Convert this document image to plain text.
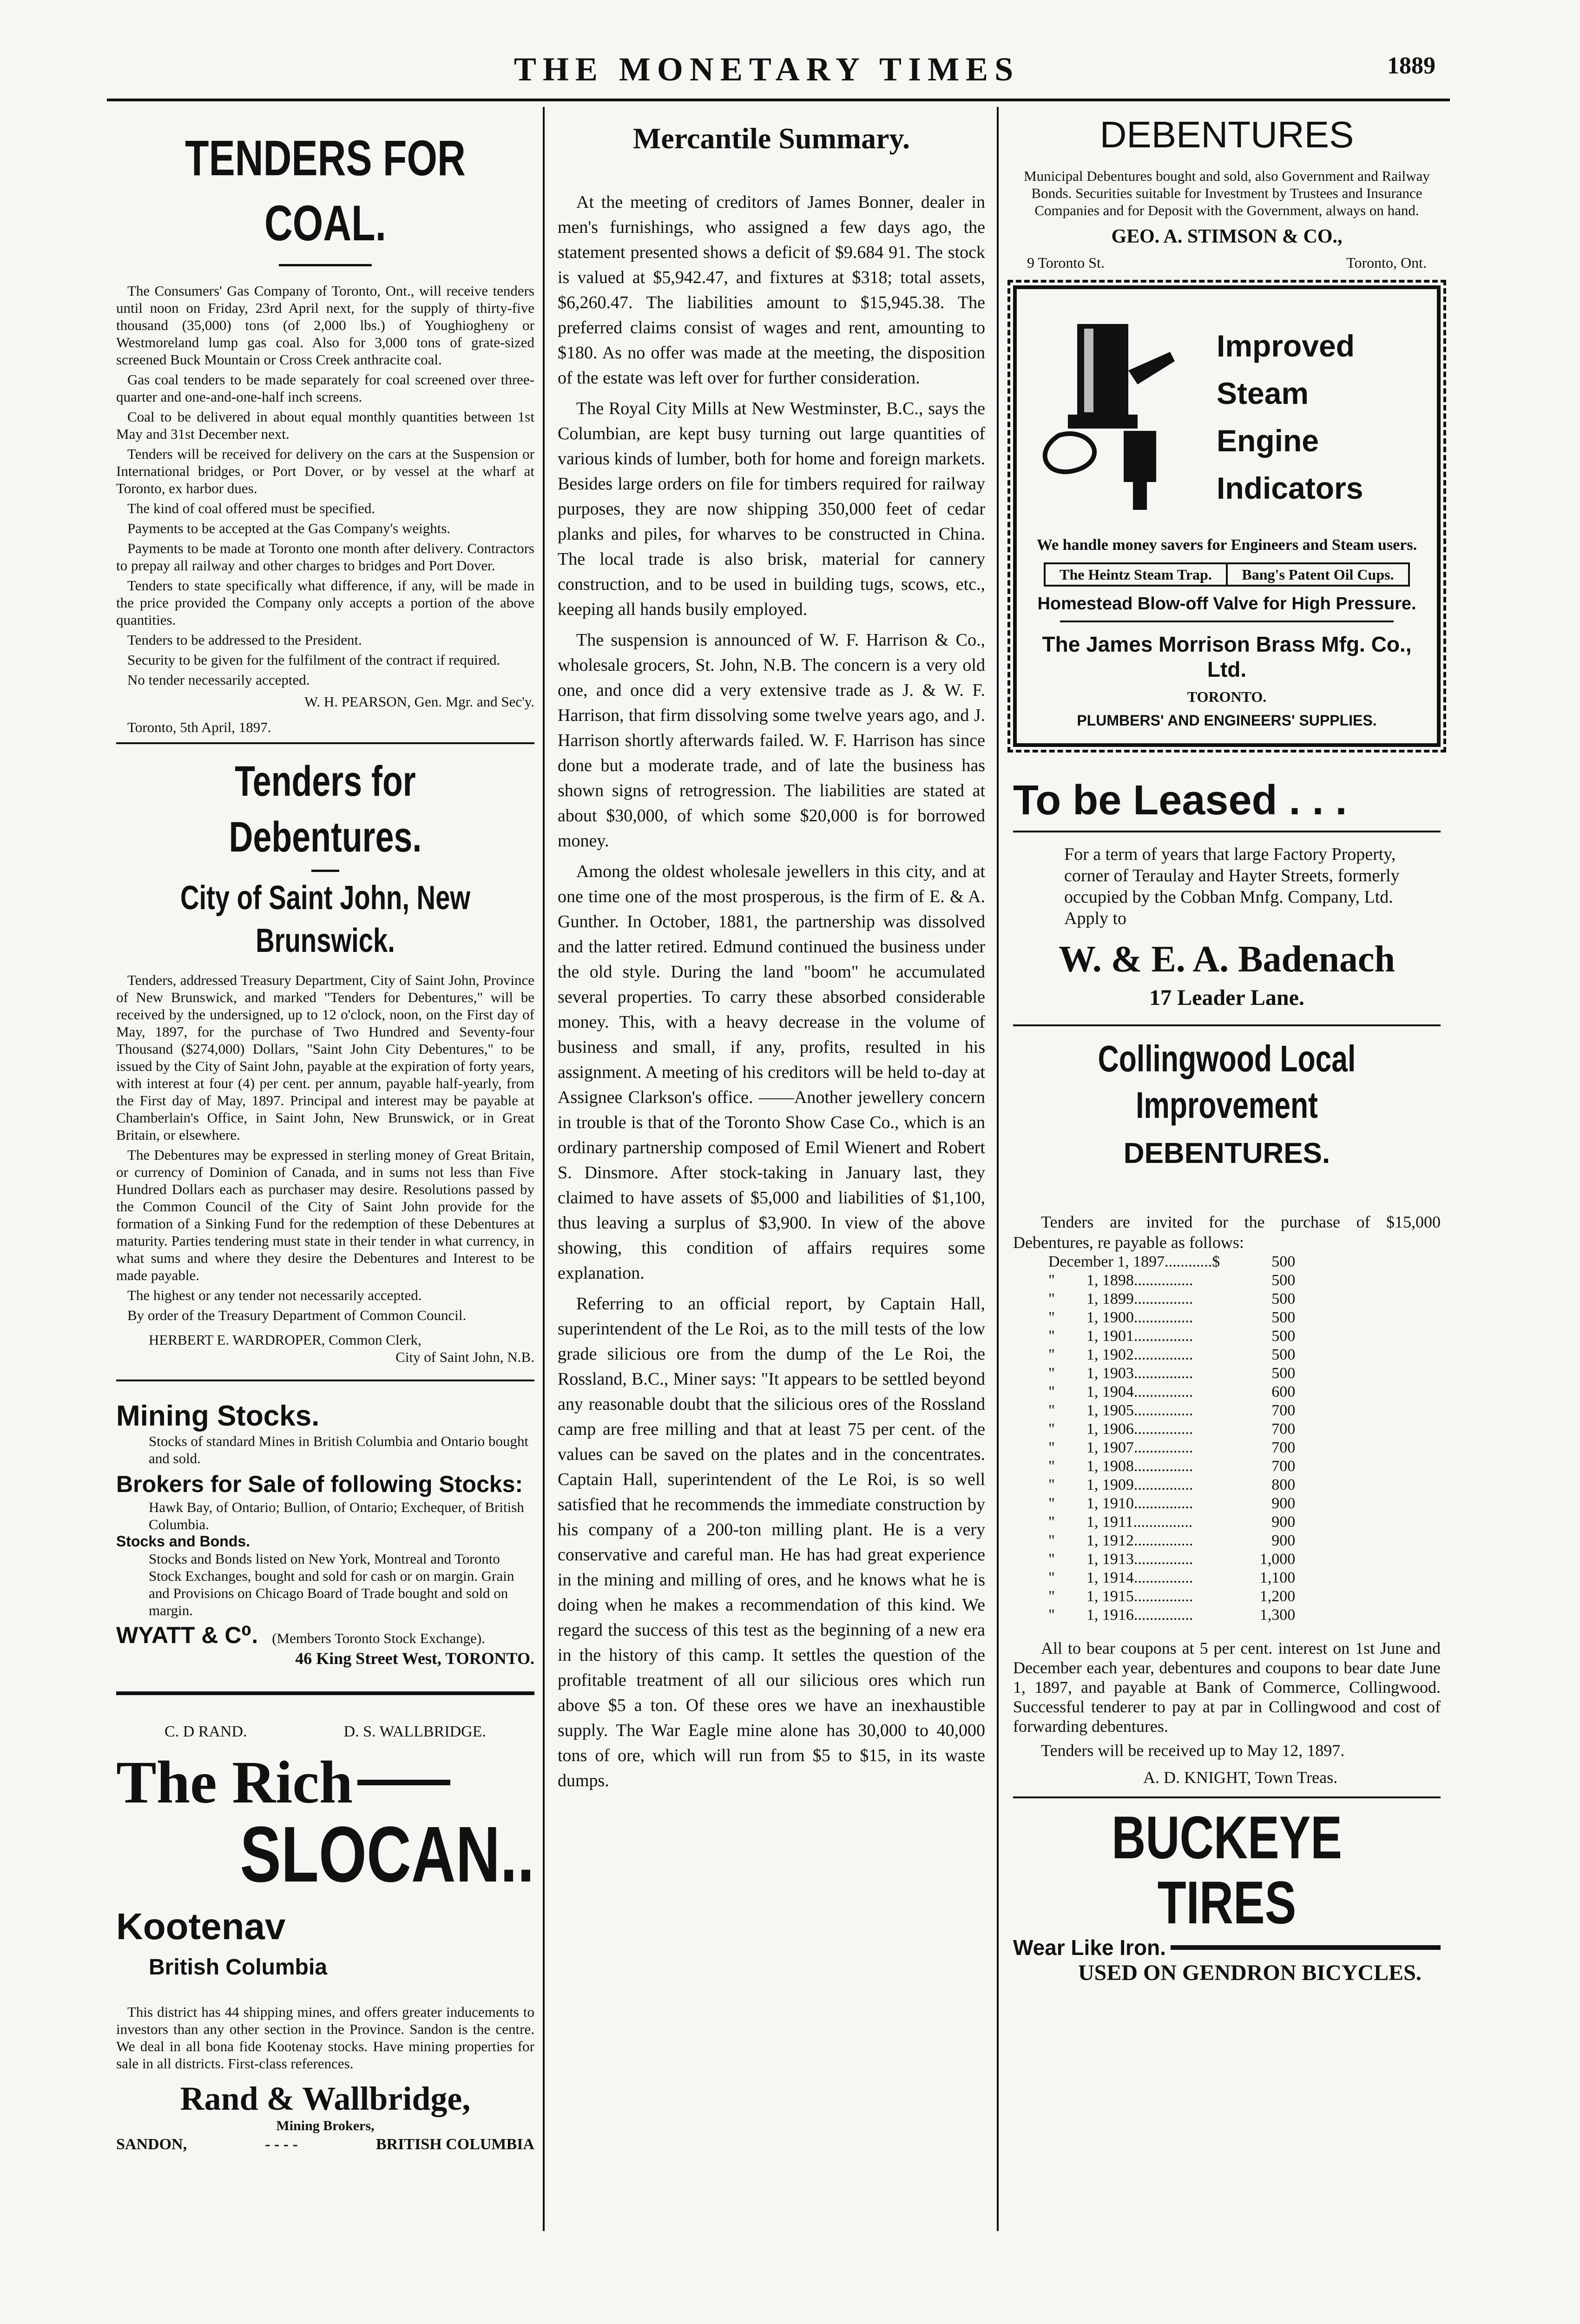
THE MONETARY TIMES	1889
TENDERS FOR COAL.

The Consumers' Gas Company of Toronto, Ont., will receive tenders until noon on Friday, 23rd April next, for the supply of thirty-five thousand (35,000) tons (of 2,000 lbs.) of Youghiogheny or Westmoreland lump gas coal. Also for 3,000 tons of grate-sized screened Buck Mountain or Cross Creek anthracite coal.

Gas coal tenders to be made separately for coal screened over three-quarter and one-and-one-half inch screens.

Coal to be delivered in about equal monthly quantities between 1st May and 31st December next.

Tenders will be received for delivery on the cars at the Suspension or International bridges, or Port Dover, or by vessel at the wharf at Toronto, ex harbor dues.

The kind of coal offered must be specified.

Payments to be accepted at the Gas Company's weights.

Payments to be made at Toronto one month after delivery. Contractors to prepay all railway and other charges to bridges and Port Dover.

Tenders to state specifically what difference, if any, will be made in the price provided the Company only accepts a portion of the above quantities.

Tenders to be addressed to the President.

Security to be given for the fulfilment of the contract if required.

No tender necessarily accepted.

W. H. PEARSON, Gen. Mgr. and Sec'y.
Toronto, 5th April, 1897.
Tenders for Debentures.
City of Saint John, New Brunswick.

Tenders, addressed Treasury Department, City of Saint John, Province of New Brunswick, and marked "Tenders for Debentures," will be received by the undersigned, up to 12 o'clock, noon, on the First day of May, 1897, for the purchase of Two Hundred and Seventy-four Thousand ($274,000) Dollars, "Saint John City Debentures," to be issued by the City of Saint John, payable at the expiration of forty years, with interest at four (4) per cent. per annum, payable half-yearly, from the First day of May, 1897. Principal and interest may be payable at Chamberlain's Office, in Saint John, New Brunswick, or in Great Britain, or elsewhere.

The Debentures may be expressed in sterling money of Great Britain, or currency of Dominion of Canada, and in sums not less than Five Hundred Dollars each as purchaser may desire. Resolutions passed by the Common Council of the City of Saint John provide for the formation of a Sinking Fund for the redemption of these Debentures at maturity. Parties tendering must state in their tender in what currency, in what sums and where they desire the Debentures and Interest to be made payable.

The highest or any tender not necessarily accepted.

By order of the Treasury Department of Common Council.

HERBERT E. WARDROPER, Common Clerk,
City of Saint John, N.B.
Mining Stocks.
Stocks of standard Mines in British Columbia and Ontario bought and sold.
Brokers for Sale of following Stocks:
Hawk Bay, of Ontario; Bullion, of Ontario; Exchequer, of British Columbia.
Stocks and Bonds.
Stocks and Bonds listed on New York, Montreal and Toronto Stock Exchanges, bought and sold for cash or on margin. Grain and Provisions on Chicago Board of Trade bought and sold on margin.
WYATT & C⁰. (Members Toronto Stock Exchange).
46 King Street West, TORONTO.
C. D RAND.	D. S. WALLBRIDGE.
The Rich
SLOCAN..
Kootenav
British Columbia

This district has 44 shipping mines, and offers greater inducements to investors than any other section in the Province. Sandon is the centre. We deal in all bona fide Kootenay stocks. Have mining properties for sale in all districts. First-class references.

Rand & Wallbridge,
Mining Brokers,
SANDON,	- - - -	BRITISH COLUMBIA
Mercantile Summary.

At the meeting of creditors of James Bonner, dealer in men's furnishings, who assigned a few days ago, the statement presented shows a deficit of $9.684 91. The stock is valued at $5,942.47, and fixtures at $318; total assets, $6,260.47. The liabilities amount to $15,945.38. The preferred claims consist of wages and rent, amounting to $180. As no offer was made at the meeting, the disposition of the estate was left over for further consideration.

The Royal City Mills at New Westminster, B.C., says the Columbian, are kept busy turning out large quantities of various kinds of lumber, both for home and foreign markets. Besides large orders on file for timbers required for railway purposes, they are now shipping 350,000 feet of cedar planks and piles, for wharves to be constructed in China. The local trade is also brisk, material for cannery construction, and to be used in building tugs, scows, etc., keeping all hands busily employed.

The suspension is announced of W. F. Harrison & Co., wholesale grocers, St. John, N.B. The concern is a very old one, and once did a very extensive trade as J. & W. F. Harrison, that firm dissolving some twelve years ago, and J. Harrison shortly afterwards failed. W. F. Harrison has since done but a moderate trade, and of late the business has shown signs of retrogression. The liabilities are stated at about $30,000, of which some $20,000 is for borrowed money.

Among the oldest wholesale jewellers in this city, and at one time one of the most prosperous, is the firm of E. & A. Gunther. In October, 1881, the partnership was dissolved and the latter retired. Edmund continued the business under the old style. During the land "boom" he accumulated several properties. To carry these absorbed considerable money. This, with a heavy decrease in the volume of business and small, if any, profits, resulted in his assignment. A meeting of his creditors will be held to-day at Assignee Clarkson's office. ——Another jewellery concern in trouble is that of the Toronto Show Case Co., which is an ordinary partnership composed of Emil Wienert and Robert S. Dinsmore. After stock-taking in January last, they claimed to have assets of $5,000 and liabilities of $1,100, thus leaving a surplus of $3,900. In view of the above showing, this condition of affairs requires some explanation.

Referring to an official report, by Captain Hall, superintendent of the Le Roi, as to the mill tests of the low grade silicious ore from the dump of the Le Roi, the Rossland, B.C., Miner says: "It appears to be settled beyond any reasonable doubt that the silicious ores of the Rossland camp are free milling and that at least 75 per cent. of the values can be saved on the plates and in the concentrates. Captain Hall, superintendent of the Le Roi, is so well satisfied that he recommends the immediate construction by his company of a 200-ton milling plant. He is a very conservative and careful man. He has had great experience in the mining and milling of ores, and he knows what he is doing when he makes a recommendation of this kind. We regard the success of this test as the beginning of a new era in the history of this camp. It settles the question of the profitable treatment of all our silicious ores which run above $5 a ton. Of these ores we have an inexhaustible supply. The War Eagle mine alone has 30,000 to 40,000 tons of ore, which will run from $5 to $15, in its waste dumps.

DEBENTURES
Municipal Debentures bought and sold, also Government and Railway Bonds. Securities suitable for Investment by Trustees and Insurance Companies and for Deposit with the Government, always on hand.
GEO. A. STIMSON & CO.,
9 Toronto St.	Toronto, Ont.
Improved
Steam
Engine
Indicators
We handle money savers for Engineers and Steam users.
The Heintz Steam Trap.	Bang's Patent Oil Cups.
Homestead Blow-off Valve for High Pressure.
The James Morrison Brass Mfg. Co., Ltd.
TORONTO.
PLUMBERS' AND ENGINEERS' SUPPLIES.
To be Leased . . .
For a term of years that large Factory Property, corner of Teraulay and Hayter Streets, formerly occupied by the Cobban Mnfg. Company, Ltd. Apply to
W. & E. A. Badenach
17 Leader Lane.
Collingwood Local Improvement
DEBENTURES.
Tenders are invited for the purchase of $15,000 Debentures, re payable as follows:
December 1, 1897............$	500
"        1, 1898...............	500
"        1, 1899...............	500
"        1, 1900...............	500
"        1, 1901...............	500
"        1, 1902...............	500
"        1, 1903...............	500
"        1, 1904...............	600
"        1, 1905...............	700
"        1, 1906...............	700
"        1, 1907...............	700
"        1, 1908...............	700
"        1, 1909...............	800
"        1, 1910...............	900
"        1, 1911...............	900
"        1, 1912...............	900
"        1, 1913...............	1,000
"        1, 1914...............	1,100
"        1, 1915...............	1,200
"        1, 1916...............	1,300
All to bear coupons at 5 per cent. interest on 1st June and December each year, debentures and coupons to bear date June 1, 1897, and payable at Bank of Commerce, Collingwood. Successful tenderer to pay at par in Collingwood and cost of forwarding debentures.
Tenders will be received up to May 12, 1897.
A. D. KNIGHT, Town Treas.
BUCKEYE TIRES
Wear Like Iron.
USED ON GENDRON BICYCLES.
